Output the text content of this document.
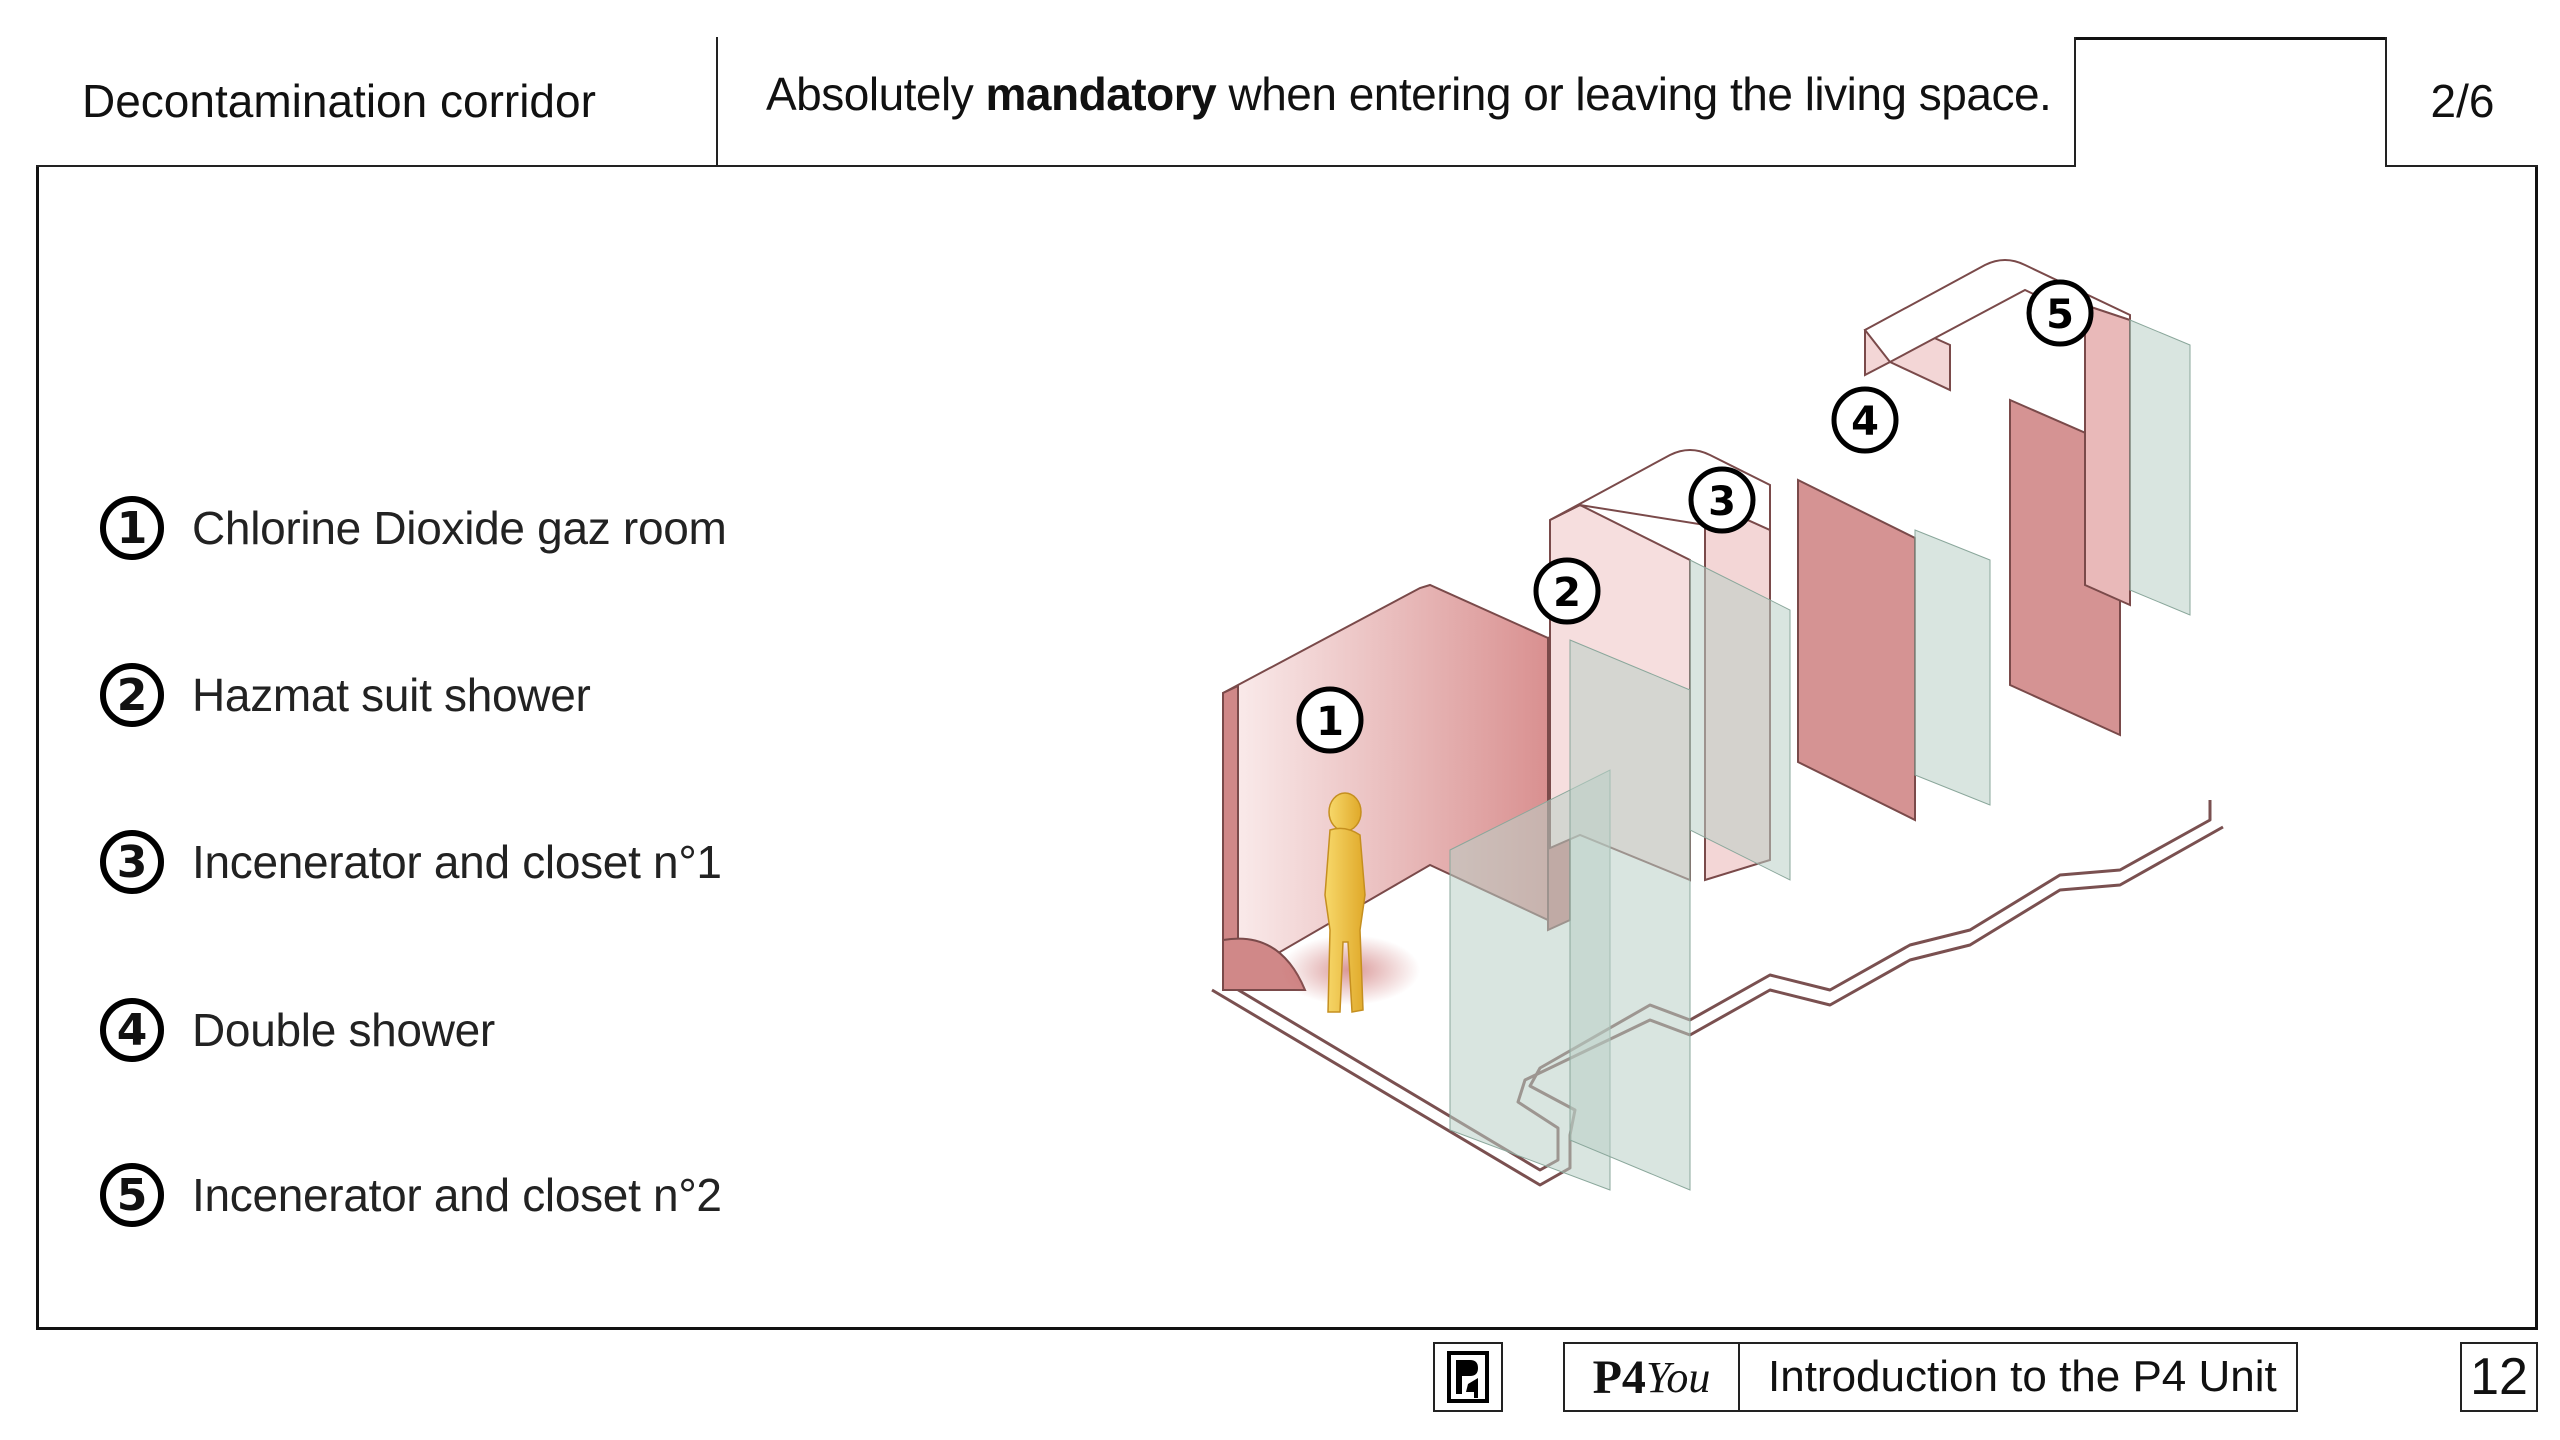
Decontamination corridor	Absolutely mandatory when entering or leaving the living space.	2/6
1 Chlorine Dioxide gaz room
2 Hazmat suit shower
3 Incenerator and closet n°1
4 Double shower
5 Incenerator and closet n°2
1
2
3
4
5
P4 You Introduction to the P4 Unit	12
